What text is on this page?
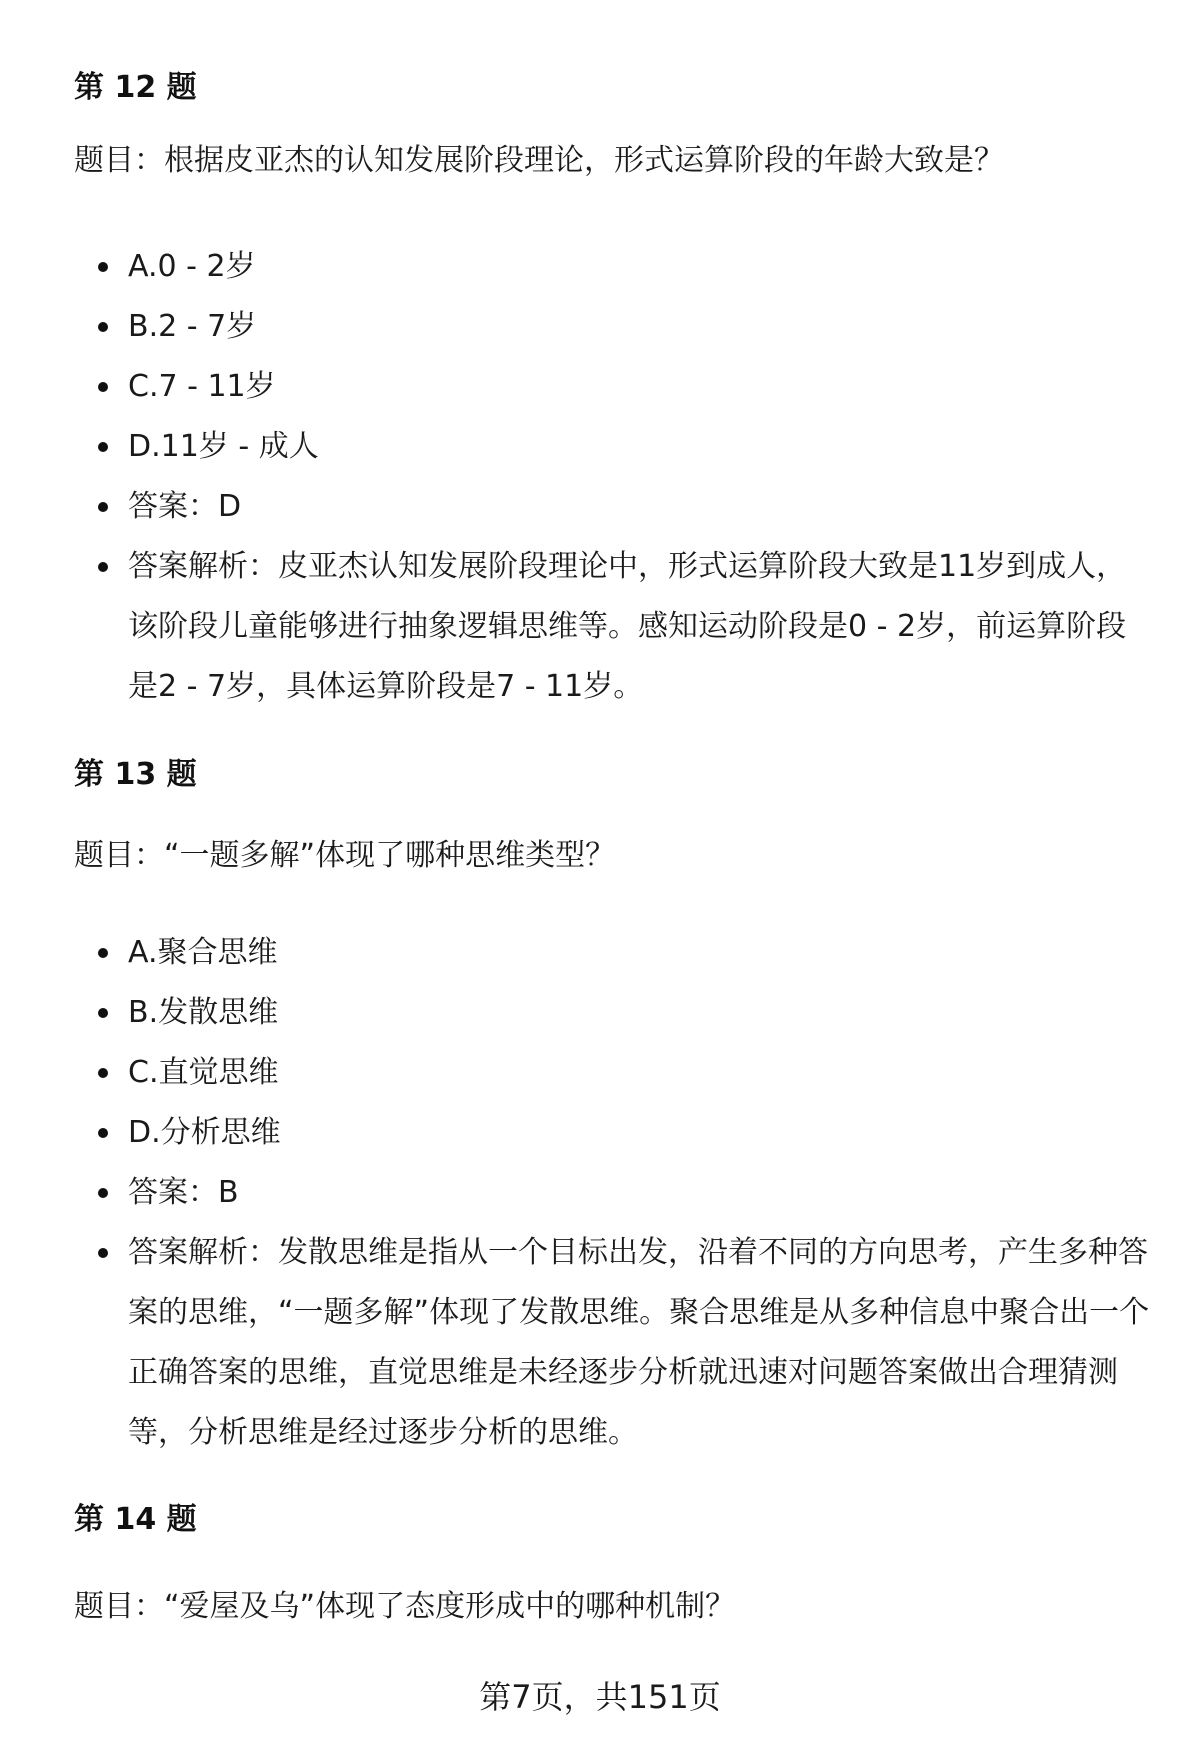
第 12 题

题目：根据皮亚杰的认知发展阶段理论，形式运算阶段的年龄大致是？

A.0 - 2岁
B.2 - 7岁
C.7 - 11岁
D.11岁 - 成人
答案：D
答案解析：皮亚杰认知发展阶段理论中，形式运算阶段大致是11岁到成人，该阶段儿童能够进行抽象逻辑思维等。感知运动阶段是0 - 2岁，前运算阶段是2 - 7岁，具体运算阶段是7 - 11岁。
第 13 题

题目：“一题多解”体现了哪种思维类型？

A.聚合思维
B.发散思维
C.直觉思维
D.分析思维
答案：B
答案解析：发散思维是指从一个目标出发，沿着不同的方向思考，产生多种答案的思维，“一题多解”体现了发散思维。聚合思维是从多种信息中聚合出一个正确答案的思维，直觉思维是未经逐步分析就迅速对问题答案做出合理猜测等，分析思维是经过逐步分析的思维。
第 14 题

题目：“爱屋及乌”体现了态度形成中的哪种机制？

第7页，共151页
